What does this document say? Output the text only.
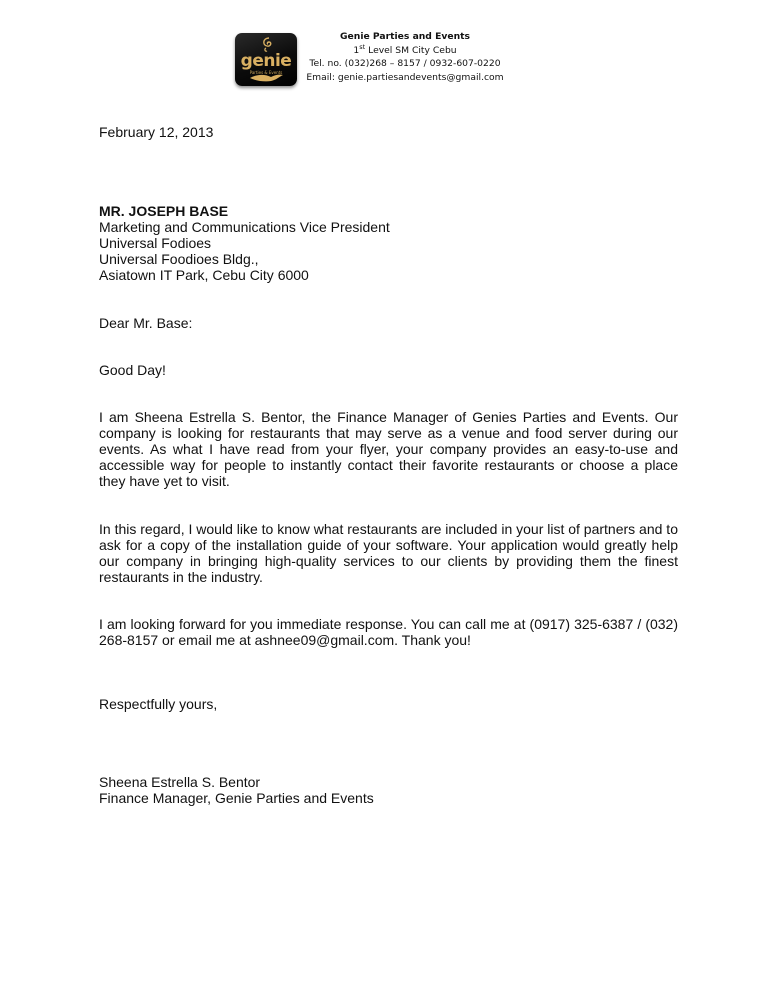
genie
Parties & Events
Genie Parties and Events
1st Level SM City Cebu
Tel. no. (032)268 – 8157 / 0932-607-0220
Email: genie.partiesandevents@gmail.com

February 12, 2013

MR. JOSEPH BASE
Marketing and Communications Vice President
Universal Fodioes
Universal Foodioes Bldg.,
Asiatown IT Park, Cebu City 6000

Dear Mr. Base:

Good Day!

I am Sheena Estrella S. Bentor, the Finance Manager of Genies Parties and Events. Our company is looking for restaurants that may serve as a venue and food server during our events. As what I have read from your flyer, your company provides an easy-to-use and accessible way for people to instantly contact their favorite restaurants or choose a place they have yet to visit.

In this regard, I would like to know what restaurants are included in your list of partners and to ask for a copy of the installation guide of your software. Your application would greatly help our company in bringing high-quality services to our clients by providing them the finest restaurants in the industry.

I am looking forward for you immediate response. You can call me at (0917) 325-6387 / (032) 268-8157 or email me at ashnee09@gmail.com. Thank you!

Respectfully yours,

Sheena Estrella S. Bentor
Finance Manager, Genie Parties and Events
